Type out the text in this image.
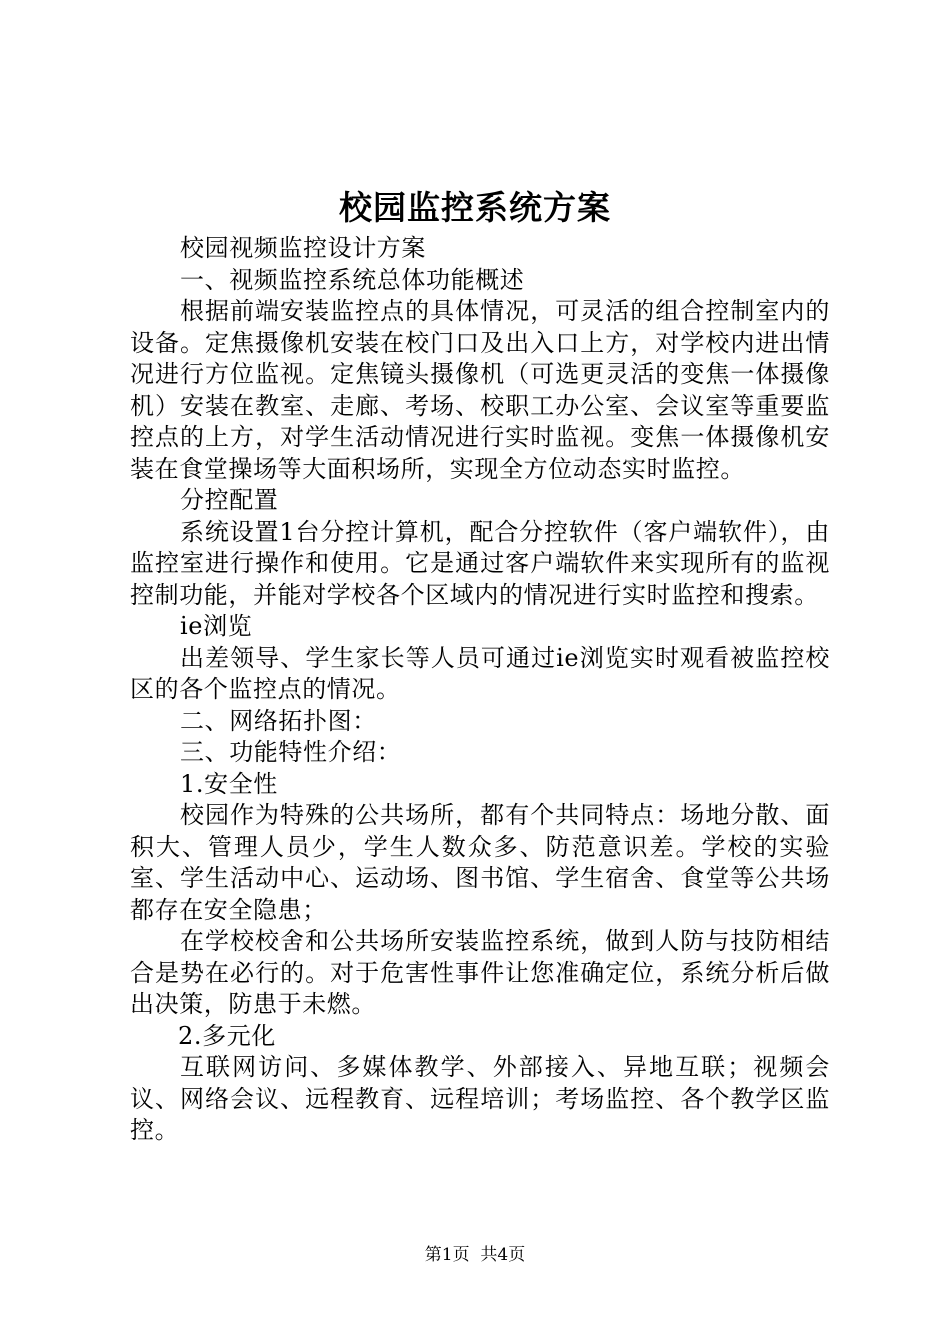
校园监控系统方案

校园视频监控设计方案

一、视频监控系统总体功能概述

根据前端安装监控点的具体情况，可灵活的组合控制室内的设备。定焦摄像机安装在校门口及出入口上方，对学校内进出情况进行方位监视。定焦镜头摄像机（可选更灵活的变焦一体摄像机）安装在教室、走廊、考场、校职工办公室、会议室等重要监控点的上方，对学生活动情况进行实时监视。变焦一体摄像机安装在食堂操场等大面积场所，实现全方位动态实时监控。

分控配置

系统设置1台分控计算机，配合分控软件（客户端软件），由监控室进行操作和使用。它是通过客户端软件来实现所有的监视控制功能，并能对学校各个区域内的情况进行实时监控和搜索。

ie浏览

出差领导、学生家长等人员可通过ie浏览实时观看被监控校区的各个监控点的情况。

二、网络拓扑图：

三、功能特性介绍：

1.安全性

校园作为特殊的公共场所，都有个共同特点：场地分散、面积大、管理人员少，学生人数众多、防范意识差。学校的实验室、学生活动中心、运动场、图书馆、学生宿舍、食堂等公共场都存在安全隐患；

在学校校舍和公共场所安装监控系统，做到人防与技防相结合是势在必行的。对于危害性事件让您准确定位，系统分析后做出决策，防患于未燃。

2.多元化

互联网访问、多媒体教学、外部接入、异地互联；视频会议、网络会议、远程教育、远程培训；考场监控、各个教学区监控。

第1页 共4页
